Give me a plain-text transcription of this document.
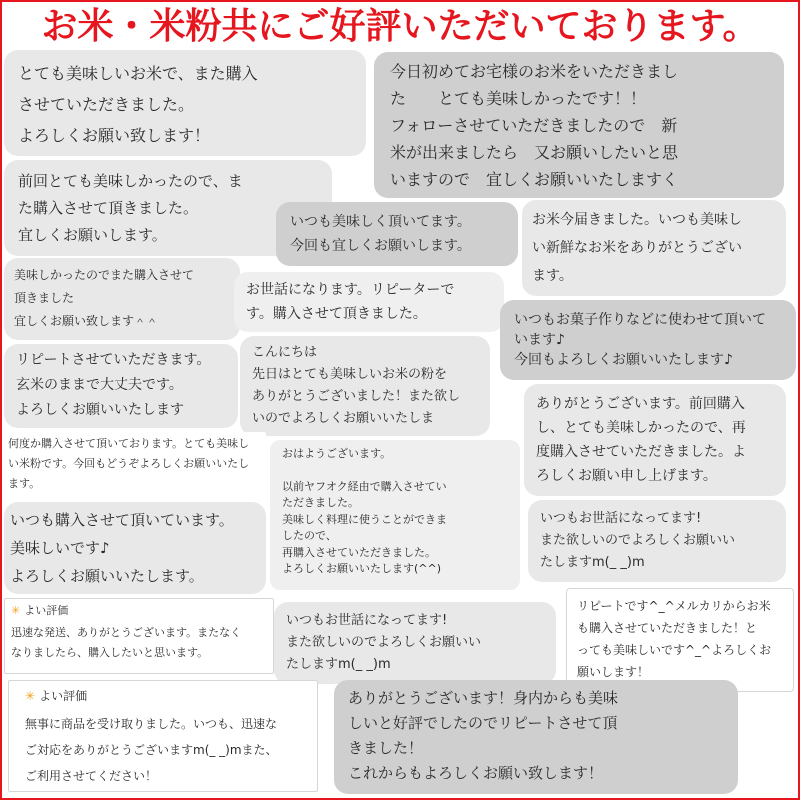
お米・米粉共にご好評いただいております。
とても美味しいお米で、また購入
させていただきました。
よろしくお願い致します！
今日初めてお宅様のお米をいただきまし
た　　とても美味しかったです！！
フォローさせていただきましたので　新
米が出来ましたら　又お願いしたいと思
いますので　宜しくお願いいたしますく
前回とても美味しかったので、ま
た購入させて頂きました。
宜しくお願いします。
いつも美味しく頂いてます。
今回も宜しくお願いします。
お米今届きました。いつも美味し
い新鮮なお米をありがとうござい
ます。
美味しかったのでまた購入させて
頂きました
宜しくお願い致します＾＾
お世話になります。リピーターで
す。購入させて頂きました。	いつもお菓子作りなどに使わせて頂いて
います♪
今回もよろしくお願いいたします♪
リピートさせていただきます。
玄米のままで大丈夫です。
よろしくお願いいたします
こんにちは
先日はとても美味しいお米の粉を
ありがとうございました！また欲し
いのでよろしくお願いいたしま
ありがとうございます。前回購入
し、とても美味しかったので、再
度購入させていただきました。よ
ろしくお願い申し上げます。
何度か購入させて頂いております。とても美味し
い米粉です。今回もどうぞよろしくお願いいたし
ます。
おはようございます。
以前ヤフオク経由で購入させてい
ただきました。
美味しく料理に使うことができま
したので、
再購入させていただきました。
よろしくお願いいたします(^^)
いつも購入させて頂いています。
美味しいです♪
よろしくお願いいたします。
いつもお世話になってます!
また欲しいのでよろしくお願いい
たしますm(_ _)m
✳ よい評価
迅速な発送、ありがとうございます。またなく
なりましたら、購入したいと思います。
いつもお世話になってます!
また欲しいのでよろしくお願いい
たしますm(_ _)m
リピートです^_^メルカリからお米
も購入させていただきました！と
っても美味しいです^_^よろしくお
願いします！
✳ よい評価
無事に商品を受け取りました。いつも、迅速な
ご対応をありがとうございますm(_ _)mまた、
ご利用させてください！
ありがとうございます！身内からも美味
しいと好評でしたのでリピートさせて頂
きました！
これからもよろしくお願い致します！
